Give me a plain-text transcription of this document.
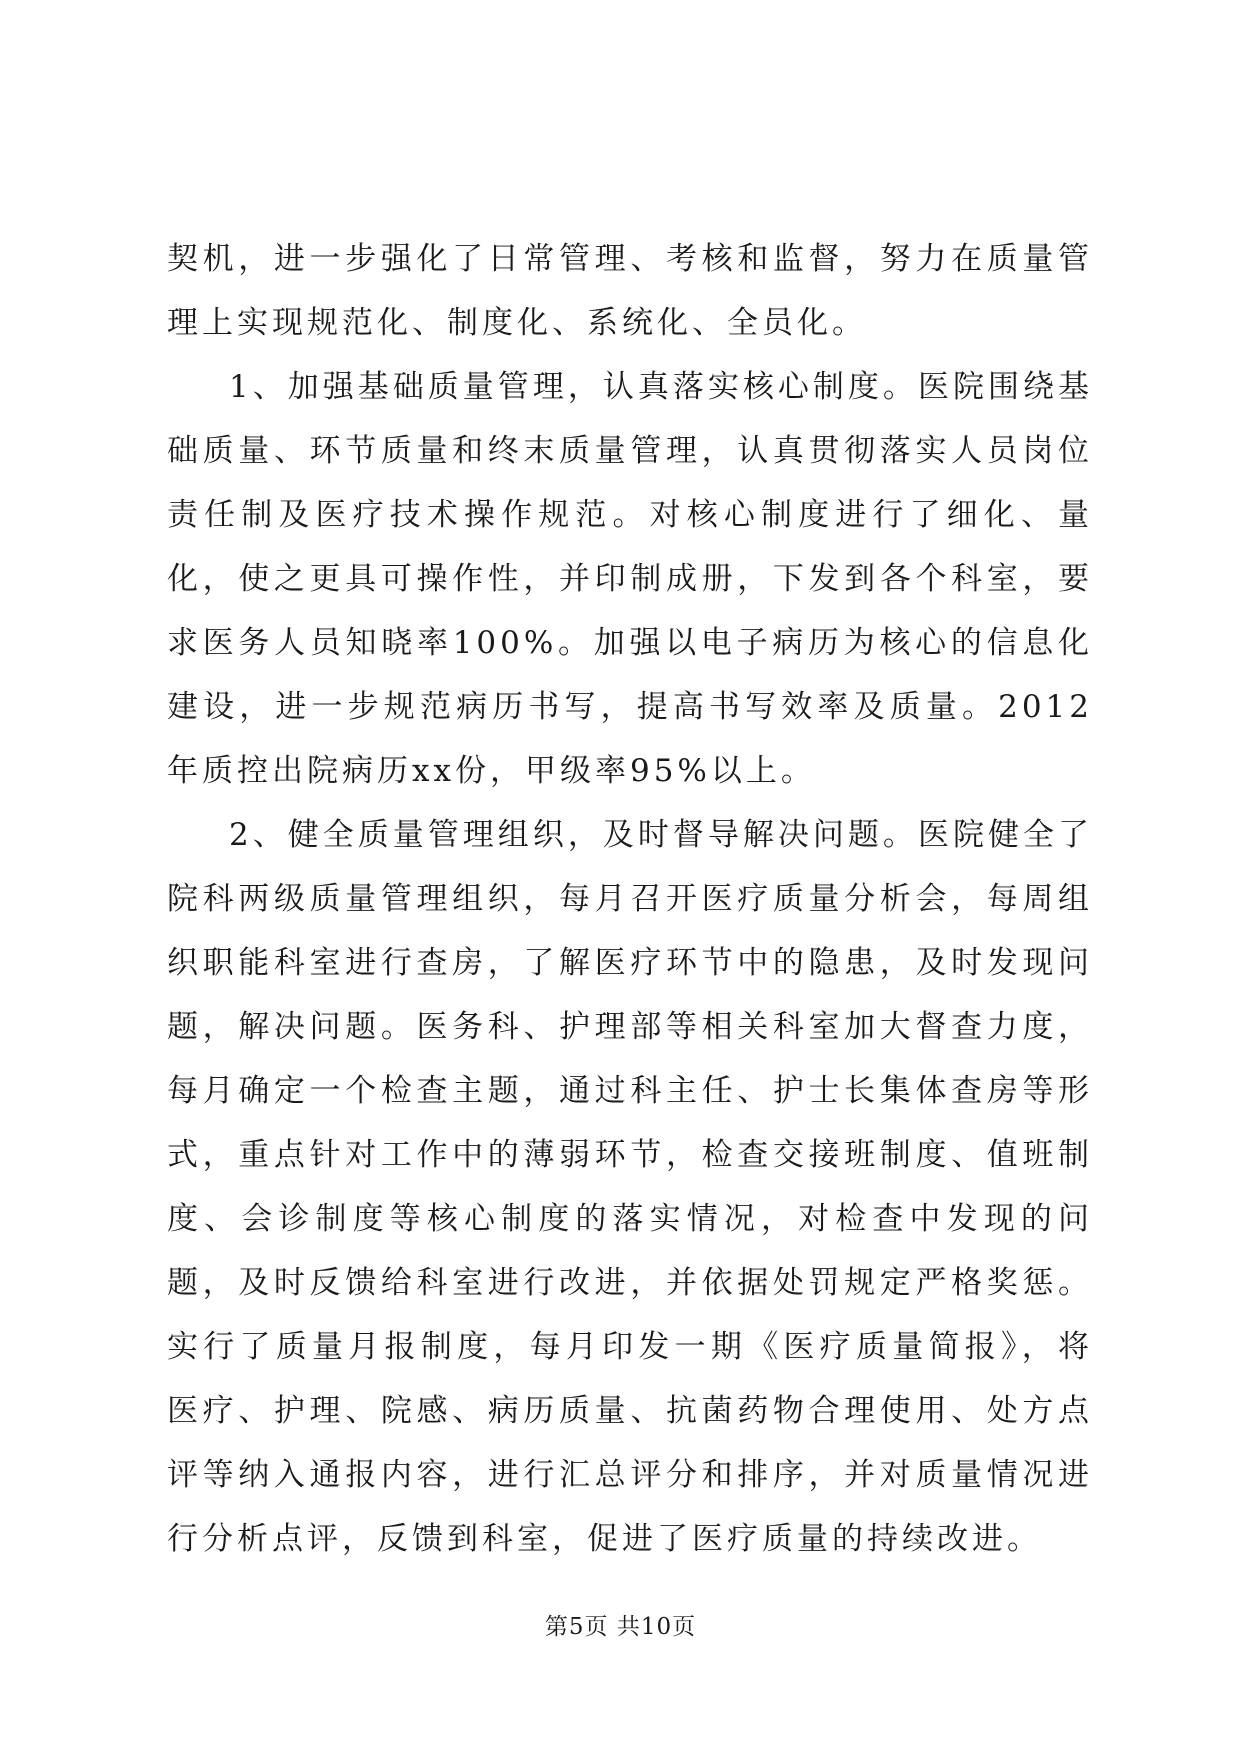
契机，进一步强化了日常管理、考核和监督，努力在质量管理上实现规范化、制度化、系统化、全员化。

1、加强基础质量管理，认真落实核心制度。医院围绕基础质量、环节质量和终末质量管理，认真贯彻落实人员岗位责任制及医疗技术操作规范。对核心制度进行了细化、量化，使之更具可操作性，并印制成册，下发到各个科室，要求医务人员知晓率100%。加强以电子病历为核心的信息化建设，进一步规范病历书写，提高书写效率及质量。2012年质控出院病历xx份，甲级率95%以上。

2、健全质量管理组织，及时督导解决问题。医院健全了院科两级质量管理组织，每月召开医疗质量分析会，每周组织职能科室进行查房，了解医疗环节中的隐患，及时发现问题，解决问题。医务科、护理部等相关科室加大督查力度，每月确定一个检查主题，通过科主任、护士长集体查房等形式，重点针对工作中的薄弱环节，检查交接班制度、值班制度、会诊制度等核心制度的落实情况，对检查中发现的问题，及时反馈给科室进行改进，并依据处罚规定严格奖惩。实行了质量月报制度，每月印发一期《医疗质量简报》，将医疗、护理、院感、病历质量、抗菌药物合理使用、处方点评等纳入通报内容，进行汇总评分和排序，并对质量情况进行分析点评，反馈到科室，促进了医疗质量的持续改进。

第5页 共10页
